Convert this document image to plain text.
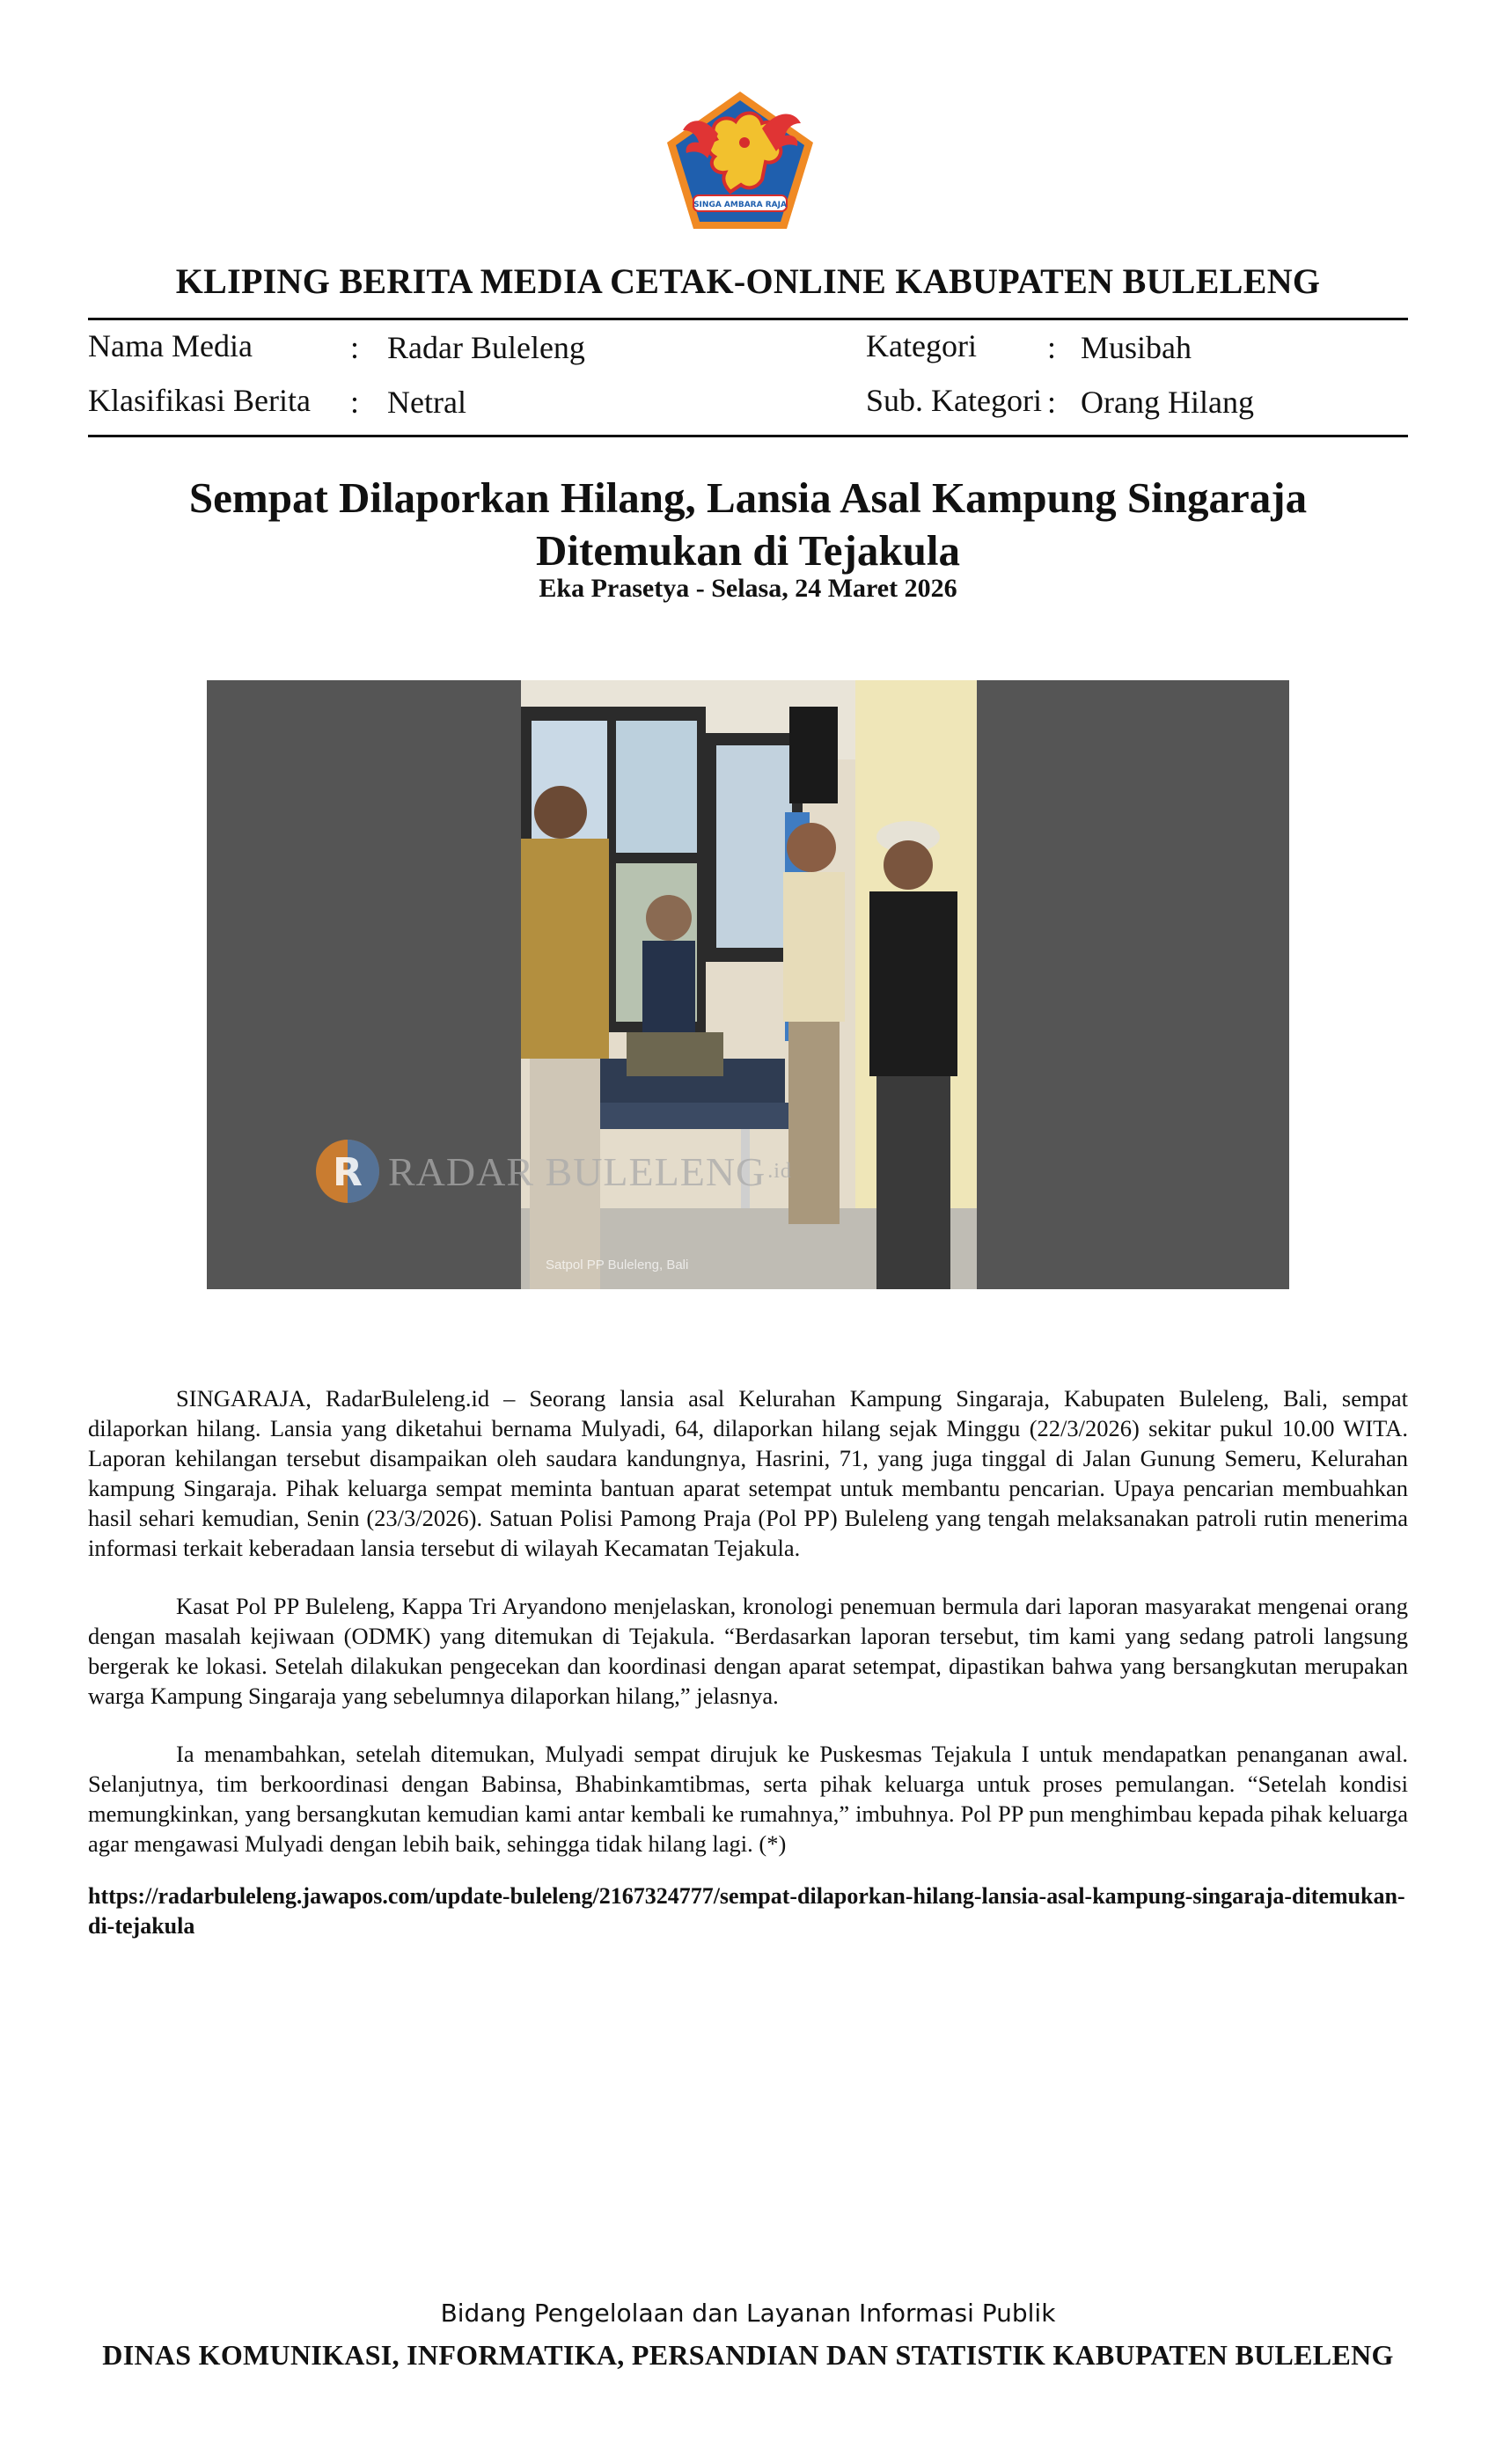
SINGA AMBARA RAJA
KLIPING BERITA MEDIA CETAK-ONLINE KABUPATEN BULELENG
Nama Media	: Radar Buleleng	Kategori : Musibah
Klasifikasi Berita : Netral	Sub. Kategori : Orang Hilang
Sempat Dilaporkan Hilang, Lansia Asal Kampung Singaraja
Ditemukan di Tejakula
Eka Prasetya - Selasa, 24 Maret 2026
R RADAR BULELENG .id
Satpol PP Buleleng, Bali

SINGARAJA, RadarBuleleng.id – Seorang lansia asal Kelurahan Kampung Singaraja, Kabupaten Buleleng, Bali, sempat dilaporkan hilang. Lansia yang diketahui bernama Mulyadi, 64, dilaporkan hilang sejak Minggu (22/3/2026) sekitar pukul 10.00 WITA. Laporan kehilangan tersebut disampaikan oleh saudara kandungnya, Hasrini, 71, yang juga tinggal di Jalan Gunung Semeru, Kelurahan kampung Singaraja. Pihak keluarga sempat meminta bantuan aparat setempat untuk membantu pencarian. Upaya pencarian membuahkan hasil sehari kemudian, Senin (23/3/2026). Satuan Polisi Pamong Praja (Pol PP) Buleleng yang tengah melaksanakan patroli rutin menerima informasi terkait keberadaan lansia tersebut di wilayah Kecamatan Tejakula.

Kasat Pol PP Buleleng, Kappa Tri Aryandono menjelaskan, kronologi penemuan bermula dari laporan masyarakat mengenai orang dengan masalah kejiwaan (ODMK) yang ditemukan di Tejakula. “Berdasarkan laporan tersebut, tim kami yang sedang patroli langsung bergerak ke lokasi. Setelah dilakukan pengecekan dan koordinasi dengan aparat setempat, dipastikan bahwa yang bersangkutan merupakan warga Kampung Singaraja yang sebelumnya dilaporkan hilang,” jelasnya.

Ia menambahkan, setelah ditemukan, Mulyadi sempat dirujuk ke Puskesmas Tejakula I untuk mendapatkan penanganan awal. Selanjutnya, tim berkoordinasi dengan Babinsa, Bhabinkamtibmas, serta pihak keluarga untuk proses pemulangan. “Setelah kondisi memungkinkan, yang bersangkutan kemudian kami antar kembali ke rumahnya,” imbuhnya. Pol PP pun menghimbau kepada pihak keluarga agar mengawasi Mulyadi dengan lebih baik, sehingga tidak hilang lagi. (*)

https://radarbuleleng.jawapos.com/update-buleleng/2167324777/sempat-dilaporkan-hilang-lansia-asal-kampung-singaraja-ditemukan-di-tejakula
Bidang Pengelolaan dan Layanan Informasi Publik
DINAS KOMUNIKASI, INFORMATIKA, PERSANDIAN DAN STATISTIK KABUPATEN BULELENG
